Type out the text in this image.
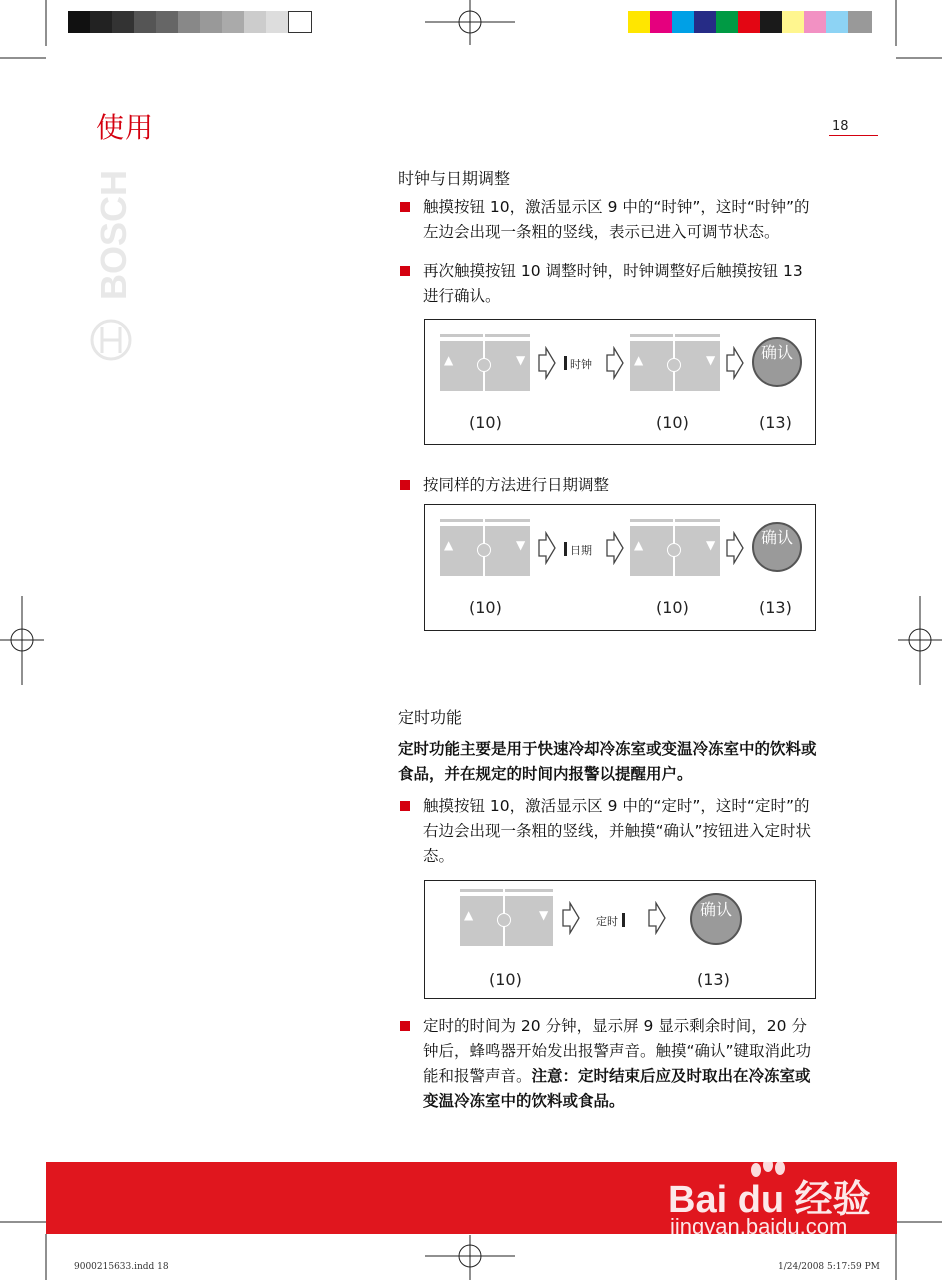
使用	18
BOSCH	时钟与日期调整
触摸按钮 10，激活显示区 9 中的“时钟”，这时“时钟”的左边会出现一条粗的竖线，表示已进入可调节状态。
再次触摸按钮 10 调整时钟，时钟调整好后触摸按钮 13 进行确认。
▲	▼	时钟	▲	▼	确认
(10)	(10)	(13)
按同样的方法进行日期调整
▲	▼	日期	▲	▼	确认
(10)	(10)	(13)
定时功能
定时功能主要是用于快速冷却冷冻室或变温冷冻室中的饮料或食品，并在规定的时间内报警以提醒用户。
触摸按钮 10，激活显示区 9 中的“定时”，这时“定时”的右边会出现一条粗的竖线，并触摸“确认”按钮进入定时状态。
▲	▼	定时
确认
(10)	(13)
定时的时间为 20 分钟，显示屏 9 显示剩余时间，20 分钟后，蜂鸣器开始发出报警声音。触摸“确认”键取消此功能和报警声音。注意：定时结束后应及时取出在冷冻室或变温冷冻室中的饮料或食品。
Bai du 经验
jingyan.baidu.com
9000215633.indd 18	1/24/2008 5:17:59 PM
